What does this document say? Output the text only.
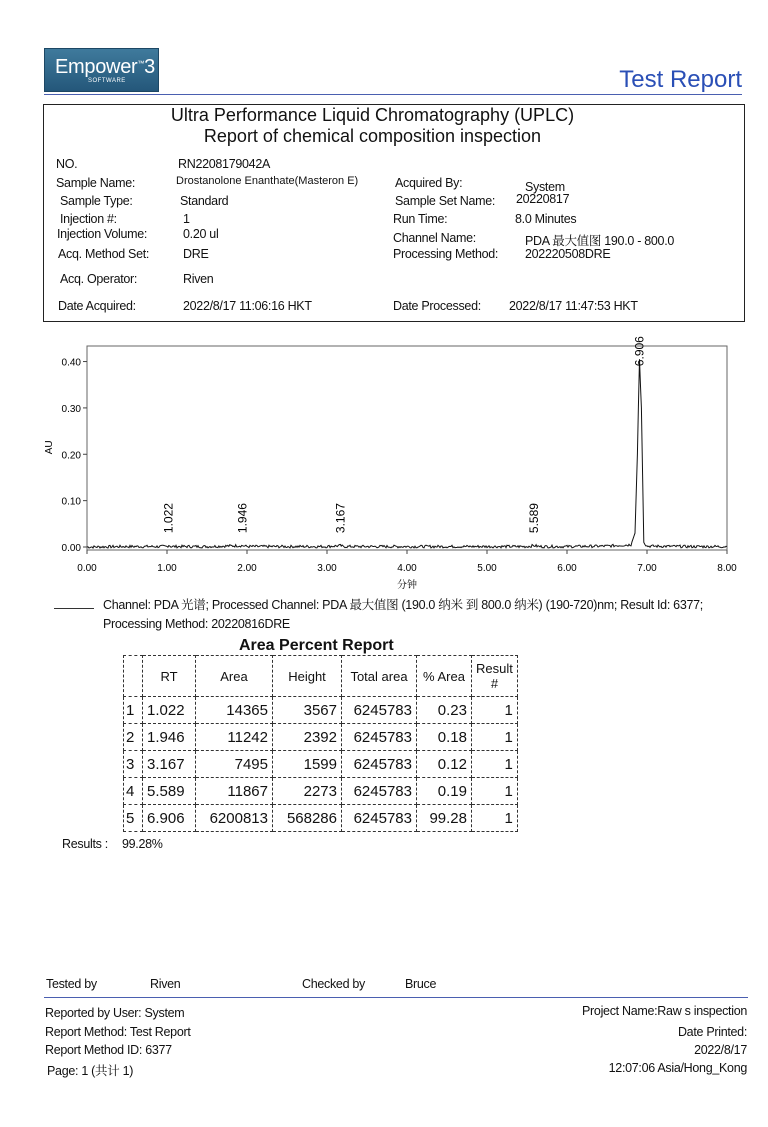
Empower™3
SOFTWARE	Test Report
Ultra Performance Liquid Chromatography (UPLC)
Report of chemical composition inspection
NO.	RN2208179042A
Sample Name:	Drostanolone Enanthate(Masteron E)	Acquired By:	System
Sample Type:	Standard	Sample Set Name: 20220817
Injection #:	1	Run Time:	8.0 Minutes
Injection Volume:	0.20 ul	Channel Name:	PDA 最大值图 190.0 - 800.0
Acq. Method Set:	DRE	Processing Method: 202220508DRE
Acq. Operator:	Riven
Date Acquired:	2022/8/17 11:06:16 HKT	Date Processed: 2022/8/17 11:47:53 HKT
0.00
0.10
0.20
0.30
0.40
0.00	1.00	2.00	3.00	4.00	5.00	6.00	7.00	8.00
AU
分钟
1.022	1.946	3.167	5.589
6.906
Channel: PDA 光谱; Processed Channel: PDA 最大值图 (190.0 纳米 到 800.0 纳米) (190-720)nm; Result Id: 6377; Processing Method: 20220816DRE
Area Percent Report
	RT	Area	Height	Total area	% Area	Result #
1	1.022	14365	3567	6245783	0.23	1
2	1.946	11242	2392	6245783	0.18	1
3	3.167	7495	1599	6245783	0.12	1
4	5.589	11867	2273	6245783	0.19	1
5	6.906	6200813	568286	6245783	99.28	1
Results : 99.28%
Tested by	Riven	Checked by	Bruce
Reported by User: System
Report Method: Test Report
Report Method ID: 6377
Page: 1 (共计 1)
Project Name:Raw s inspection
Date Printed:
2022/8/17
12:07:06 Asia/Hong_Kong
